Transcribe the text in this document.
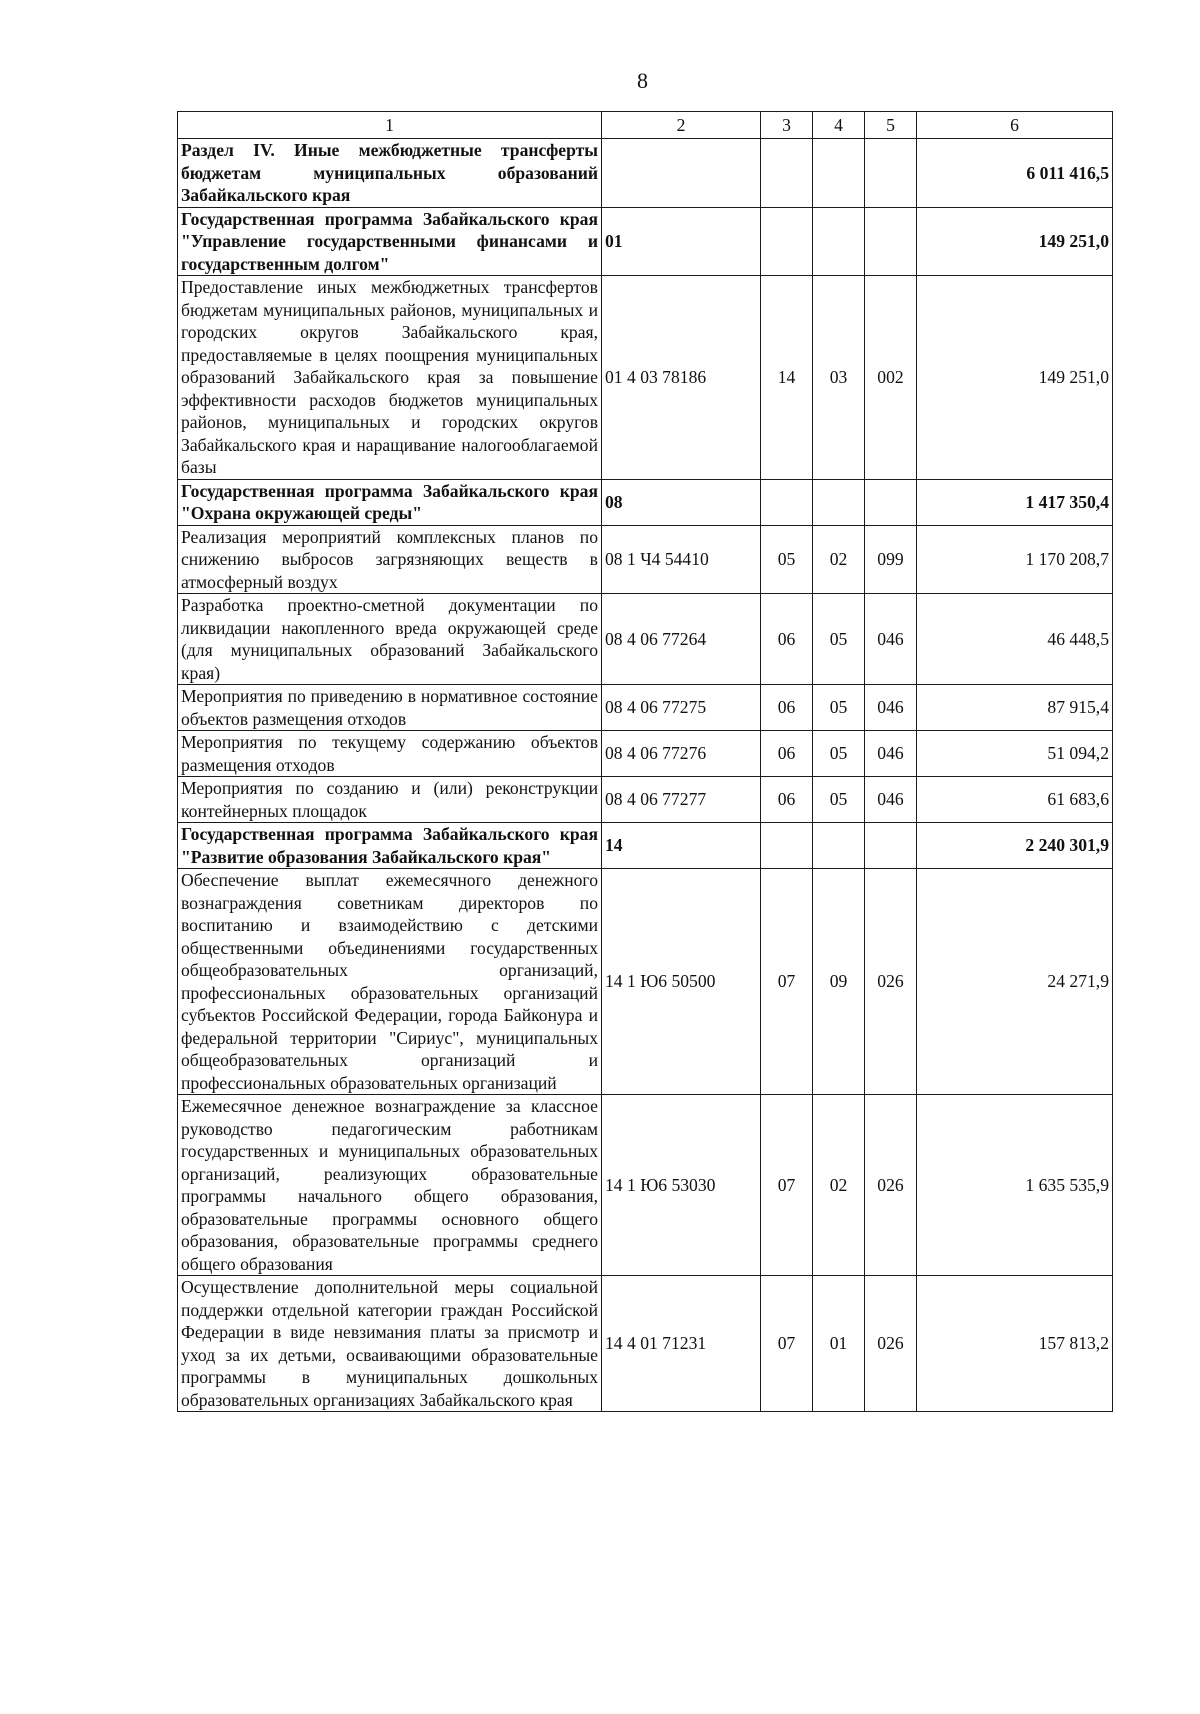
8
1	2	3	4	5	6
Раздел IV. Иные межбюджетные трансферты бюджетам муниципальных образований Забайкальского края					6 011 416,5
Государственная программа Забайкальского края "Управление государственными финансами и государственным долгом"	01				149 251,0
Предоставление иных межбюджетных трансфертов бюджетам муниципальных районов, муниципальных и городских округов Забайкальского края, предоставляемые в целях поощрения муниципальных образований Забайкальского края за повышение эффективности расходов бюджетов муниципальных районов, муниципальных и городских округов Забайкальского края и наращивание налогооблагаемой базы	01 4 03 78186	14	03	002	149 251,0
Государственная программа Забайкальского края "Охрана окружающей среды"	08				1 417 350,4
Реализация мероприятий комплексных планов по снижению выбросов загрязняющих веществ в атмосферный воздух	08 1 Ч4 54410	05	02	099	1 170 208,7
Разработка проектно-сметной документации по ликвидации накопленного вреда окружающей среде (для муниципальных образований Забайкальского края)	08 4 06 77264	06	05	046	46 448,5
Мероприятия по приведению в нормативное состояние объектов размещения отходов	08 4 06 77275	06	05	046	87 915,4
Мероприятия по текущему содержанию объектов размещения отходов	08 4 06 77276	06	05	046	51 094,2
Мероприятия по созданию и (или) реконструкции контейнерных площадок	08 4 06 77277	06	05	046	61 683,6
Государственная программа Забайкальского края "Развитие образования Забайкальского края"	14				2 240 301,9
Обеспечение выплат ежемесячного денежного вознаграждения советникам директоров по воспитанию и взаимодействию с детскими общественными объединениями государственных общеобразовательных организаций, профессиональных образовательных организаций субъектов Российской Федерации, города Байконура и федеральной территории "Сириус", муниципальных общеобразовательных организаций и профессиональных образовательных организаций	14 1 Ю6 50500	07	09	026	24 271,9
Ежемесячное денежное вознаграждение за классное руководство педагогическим работникам государственных и муниципальных образовательных организаций, реализующих образовательные программы начального общего образования, образовательные программы основного общего образования, образовательные программы среднего общего образования	14 1 Ю6 53030	07	02	026	1 635 535,9
Осуществление дополнительной меры социальной поддержки отдельной категории граждан Российской Федерации в виде невзимания платы за присмотр и уход за их детьми, осваивающими образовательные программы в муниципальных дошкольных образовательных организациях Забайкальского края	14 4 01 71231	07	01	026	157 813,2
